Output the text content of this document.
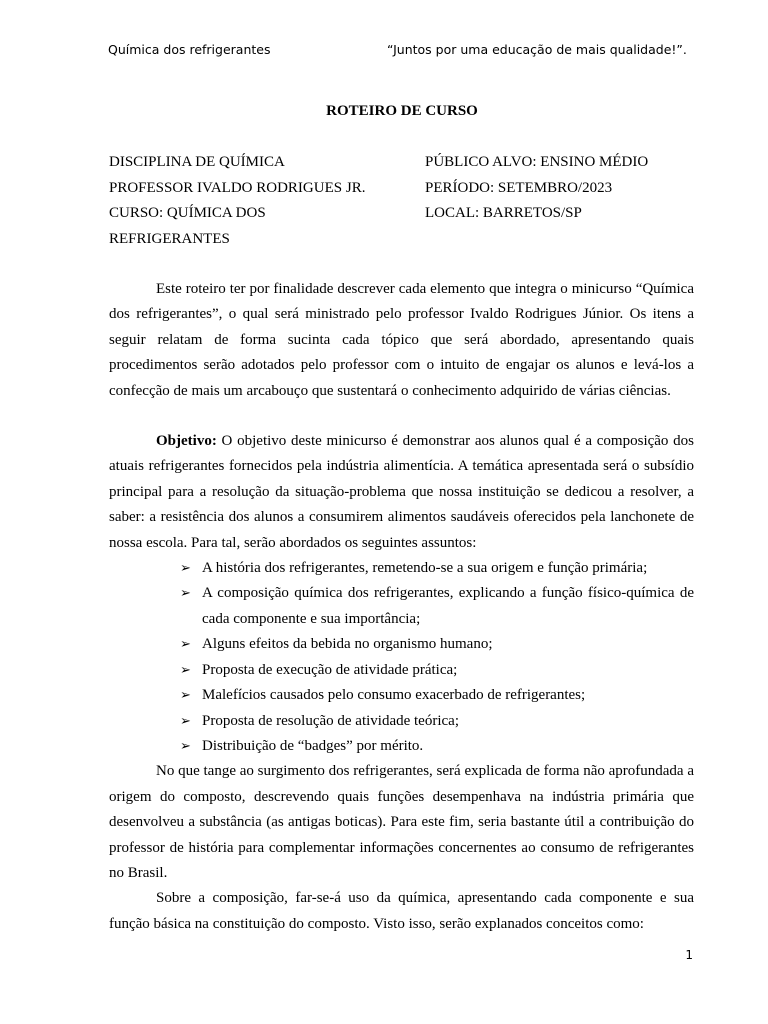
Química dos refrigerantes	“Juntos por uma educação de mais qualidade!”.
ROTEIRO DE CURSO
DISCIPLINA DE QUÍMICA	PÚBLICO ALVO: ENSINO MÉDIO
PROFESSOR IVALDO RODRIGUES JR.	PERÍODO: SETEMBRO/2023
CURSO: QUÍMICA DOS	LOCAL: BARRETOS/SP
REFRIGERANTES

Este roteiro ter por finalidade descrever cada elemento que integra o minicurso “Química dos refrigerantes”, o qual será ministrado pelo professor Ivaldo Rodrigues Júnior. Os itens a seguir relatam de forma sucinta cada tópico que será abordado, apresentando quais procedimentos serão adotados pelo professor com o intuito de engajar os alunos e levá-los a confecção de mais um arcabouço que sustentará o conhecimento adquirido de várias ciências.

Objetivo: O objetivo deste minicurso é demonstrar aos alunos qual é a composição dos atuais refrigerantes fornecidos pela indústria alimentícia. A temática apresentada será o subsídio principal para a resolução da situação-problema que nossa instituição se dedicou a resolver, a saber: a resistência dos alunos a consumirem alimentos saudáveis oferecidos pela lanchonete de nossa escola. Para tal, serão abordados os seguintes assuntos:

➢ A história dos refrigerantes, remetendo-se a sua origem e função primária;
➢ A composição química dos refrigerantes, explicando a função físico-química de cada componente e sua importância;
➢ Alguns efeitos da bebida no organismo humano;
➢ Proposta de execução de atividade prática;
➢ Malefícios causados pelo consumo exacerbado de refrigerantes;
➢ Proposta de resolução de atividade teórica;
➢ Distribuição de “badges” por mérito.

No que tange ao surgimento dos refrigerantes, será explicada de forma não aprofundada a origem do composto, descrevendo quais funções desempenhava na indústria primária que desenvolveu a substância (as antigas boticas). Para este fim, seria bastante útil a contribuição do professor de história para complementar informações concernentes ao consumo de refrigerantes no Brasil.

Sobre a composição, far-se-á uso da química, apresentando cada componente e sua função básica na constituição do composto. Visto isso, serão explanados conceitos como:

1
